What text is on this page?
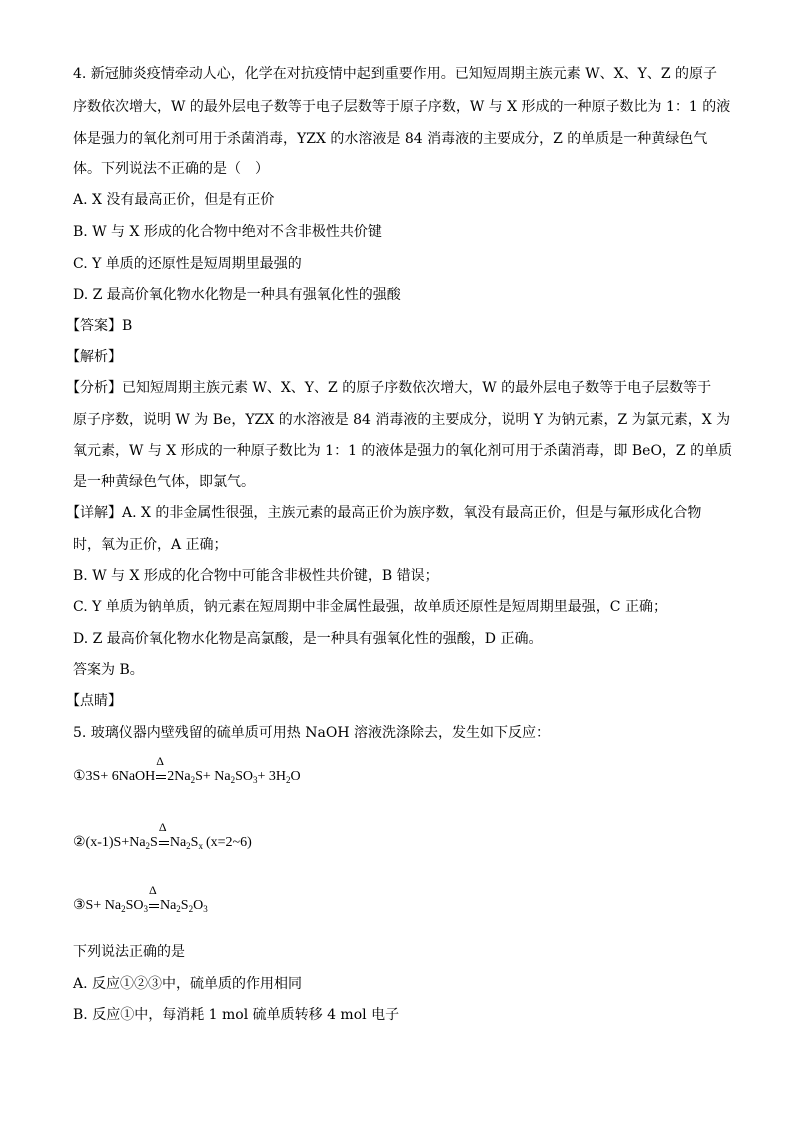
4. 新冠肺炎疫情牵动人心，化学在对抗疫情中起到重要作用。已知短周期主族元素 W、X、Y、Z 的原子
序数依次增大，W 的最外层电子数等于电子层数等于原子序数，W 与 X 形成的一种原子数比为 1：1 的液
体是强力的氧化剂可用于杀菌消毒，YZX 的水溶液是 84 消毒液的主要成分，Z 的单质是一种黄绿色气
体。下列说法不正确的是（　）
A. X 没有最高正价，但是有正价
B. W 与 X 形成的化合物中绝对不含非极性共价键
C. Y 单质的还原性是短周期里最强的
D. Z 最高价氧化物水化物是一种具有强氧化性的强酸
【答案】B
【解析】
【分析】已知短周期主族元素 W、X、Y、Z 的原子序数依次增大，W 的最外层电子数等于电子层数等于
原子序数，说明 W 为 Be，YZX 的水溶液是 84 消毒液的主要成分，说明 Y 为钠元素，Z 为氯元素，X 为
氧元素，W 与 X 形成的一种原子数比为 1：1 的液体是强力的氧化剂可用于杀菌消毒，即 BeO，Z 的单质
是一种黄绿色气体，即氯气。
【详解】A. X 的非金属性很强，主族元素的最高正价为族序数，氧没有最高正价，但是与氟形成化合物
时，氧为正价，A 正确；
B. W 与 X 形成的化合物中可能含非极性共价键，B 错误；
C. Y 单质为钠单质，钠元素在短周期中非金属性最强，故单质还原性是短周期里最强，C 正确；
D. Z 最高价氧化物水化物是高氯酸，是一种具有强氧化性的强酸，D 正确。
答案为 B。
【点睛】
5. 玻璃仪器内壁残留的硫单质可用热 NaOH 溶液洗涤除去，发生如下反应：
①3S+ 6NaOH
Δ
$2Na_2S+ Na_2SO_3+ 3H_2O$
$②(x-1)S+Na_2S$
Δ
$Na_2S_x$ (x=2~6)
③S+ $Na_2SO_3$
Δ
$Na_2S_2O_3$
下列说法正确的是
A. 反应①②③中，硫单质的作用相同
B. 反应①中，每消耗 1 mol 硫单质转移 4 mol 电子
